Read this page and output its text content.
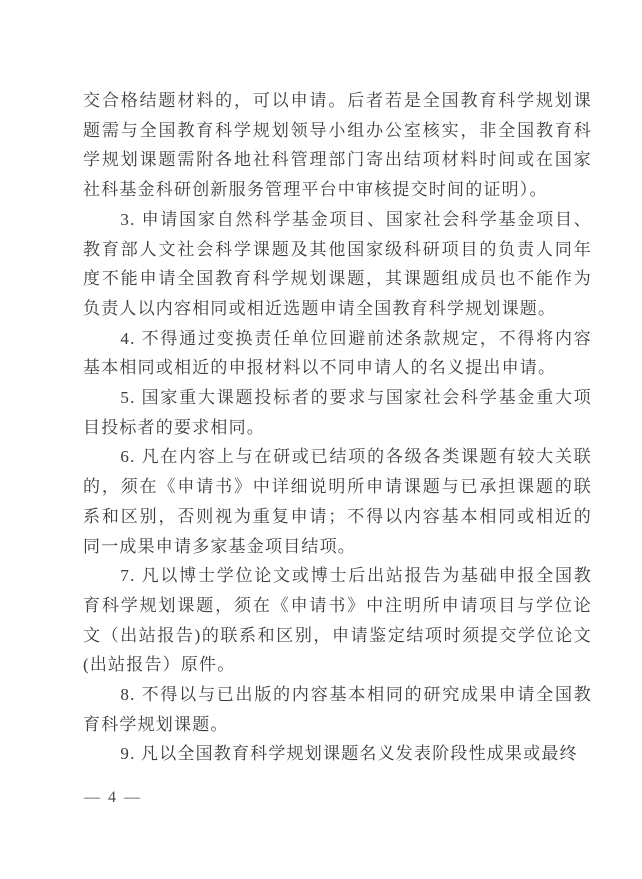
交合格结题材料的，可以申请。后者若是全国教育科学规划课题需与全国教育科学规划领导小组办公室核实，非全国教育科学规划课题需附各地社科管理部门寄出结项材料时间或在国家社科基金科研创新服务管理平台中审核提交时间的证明）。

3. 申请国家自然科学基金项目、国家社会科学基金项目、教育部人文社会科学课题及其他国家级科研项目的负责人同年度不能申请全国教育科学规划课题，其课题组成员也不能作为负责人以内容相同或相近选题申请全国教育科学规划课题。

4. 不得通过变换责任单位回避前述条款规定，不得将内容基本相同或相近的申报材料以不同申请人的名义提出申请。

5. 国家重大课题投标者的要求与国家社会科学基金重大项目投标者的要求相同。

6. 凡在内容上与在研或已结项的各级各类课题有较大关联的，须在《申请书》中详细说明所申请课题与已承担课题的联系和区别，否则视为重复申请；不得以内容基本相同或相近的同一成果申请多家基金项目结项。

7. 凡以博士学位论文或博士后出站报告为基础申报全国教育科学规划课题，须在《申请书》中注明所申请项目与学位论文（出站报告)的联系和区别，申请鉴定结项时须提交学位论文(出站报告）原件。

8. 不得以与已出版的内容基本相同的研究成果申请全国教育科学规划课题。

9. 凡以全国教育科学规划课题名义发表阶段性成果或最终

— 4 —
